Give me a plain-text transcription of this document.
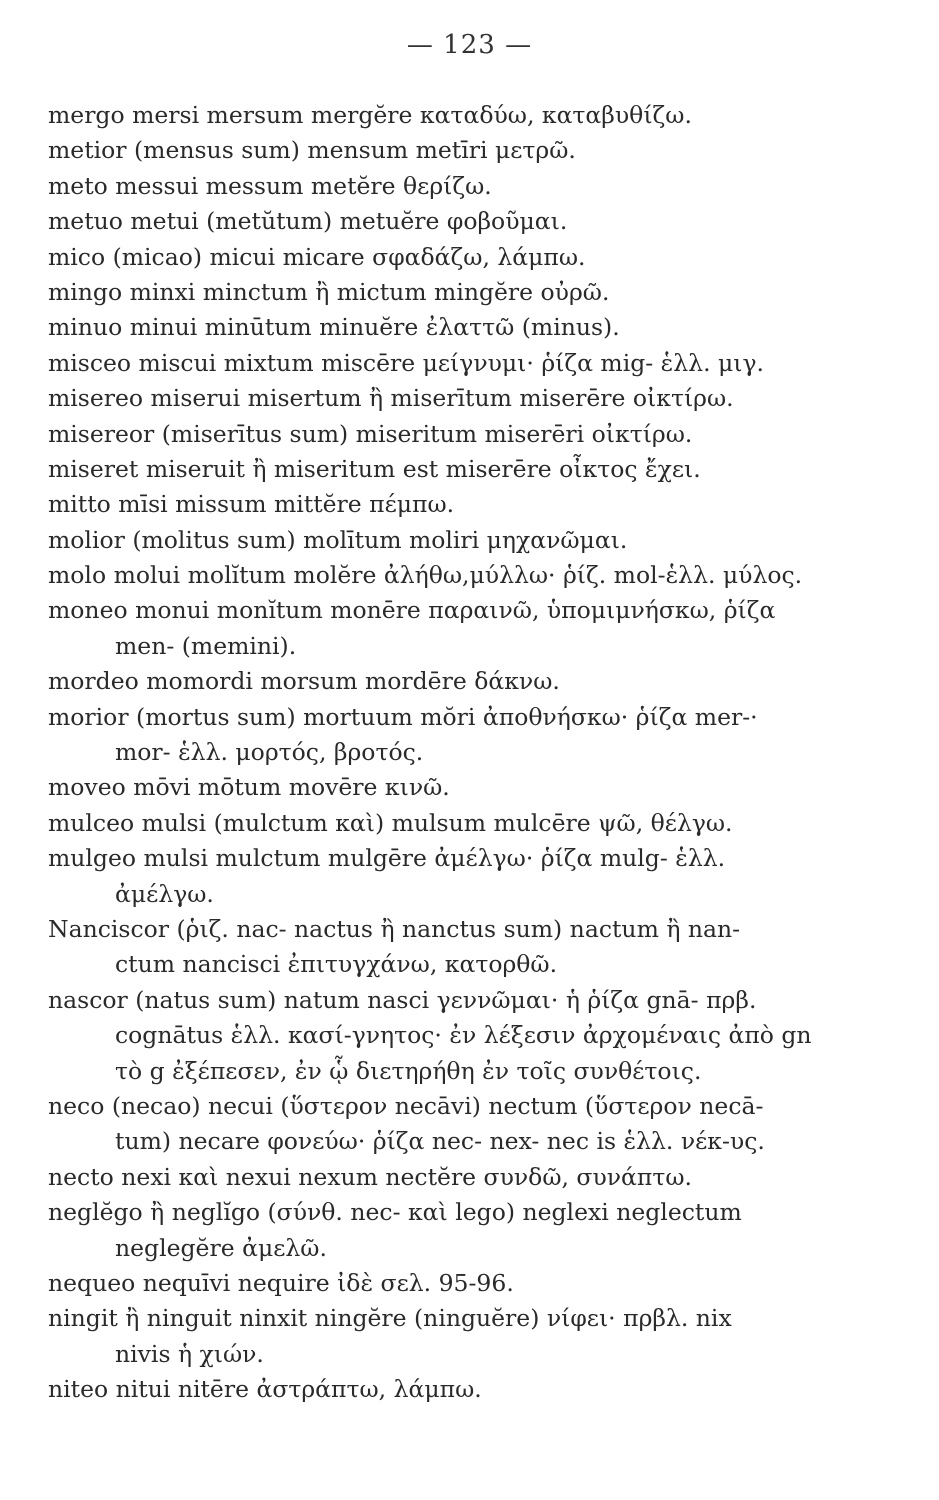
— 123 —
mergo mersi mersum mergĕre καταδύω, καταβυθίζω.
metior (mensus sum) mensum metīri μετρῶ.
meto messui messum metĕre θερίζω.
metuo metui (metŭtum) metuĕre φοβοῦμαι.
mico (micao) micui micare σφαδάζω, λάμπω.
mingo minxi minctum ἢ mictum mingĕre οὐρῶ.
minuo minui minūtum minuĕre ἐλαττῶ (minus).
misceo miscui mixtum miscēre μείγνυμι· ῥίζα mig- ἑλλ. μιγ.
misereo miserui misertum ἢ miserītum miserēre οἰκτίρω.
misereor (miserītus sum) miseritum miserēri οἰκτίρω.
miseret miseruit ἢ miseritum est miserēre οἶκτος ἔχει.
mitto mīsi missum mittĕre πέμπω.
molior (molitus sum) molītum moliri μηχανῶμαι.
molo molui molĭtum molĕre ἀλήθω,μύλλω· ῥίζ. mol-ἑλλ. μύλος.
moneo monui monĭtum monēre παραινῶ, ὑπομιμνήσκω, ῥίζα
men- (memini).
mordeo momordi morsum mordēre δάκνω.
morior (mortus sum) mortuum mŏri ἀποθνήσκω· ῥίζα mer-·
mor- ἑλλ. μορτός, βροτός.
moveo mōvi mōtum movēre κινῶ.
mulceo mulsi (mulctum καὶ) mulsum mulcēre ψῶ, θέλγω.
mulgeo mulsi mulctum mulgēre ἀμέλγω· ῥίζα mulg- ἑλλ.
ἀμέλγω.
Nanciscor (ῥιζ. nac- nactus ἢ nanctus sum) nactum ἢ nan-
ctum nancisci ἐπιτυγχάνω, κατορθῶ.
nascor (natus sum) natum nasci γεννῶμαι· ἡ ῥίζα gnā- πρβ.
cognātus ἑλλ. κασί-γνητος· ἐν λέξεσιν ἀρχομέναις ἀπὸ gn
τὸ g ἐξέπεσεν, ἐν ᾧ διετηρήθη ἐν τοῖς συνθέτοις.
neco (necao) necui (ὕστερον necāvi) nectum (ὕστερον necā-
tum) necare φονεύω· ῥίζα nec- nex- nec is ἑλλ. νέκ-υς.
necto nexi καὶ nexui nexum nectĕre συνδῶ, συνάπτω.
neglĕgo ἢ neglĭgo (σύνθ. nec- καὶ lego) neglexi neglectum
neglegĕre ἀμελῶ.
nequeo nequīvi nequire ἰδὲ σελ. 95-96.
ningit ἢ ninguit ninxit ningĕre (ninguĕre) νίφει· πρβλ. nix
nivis ἡ χιών.
niteo nitui nitēre ἀστράπτω, λάμπω.
